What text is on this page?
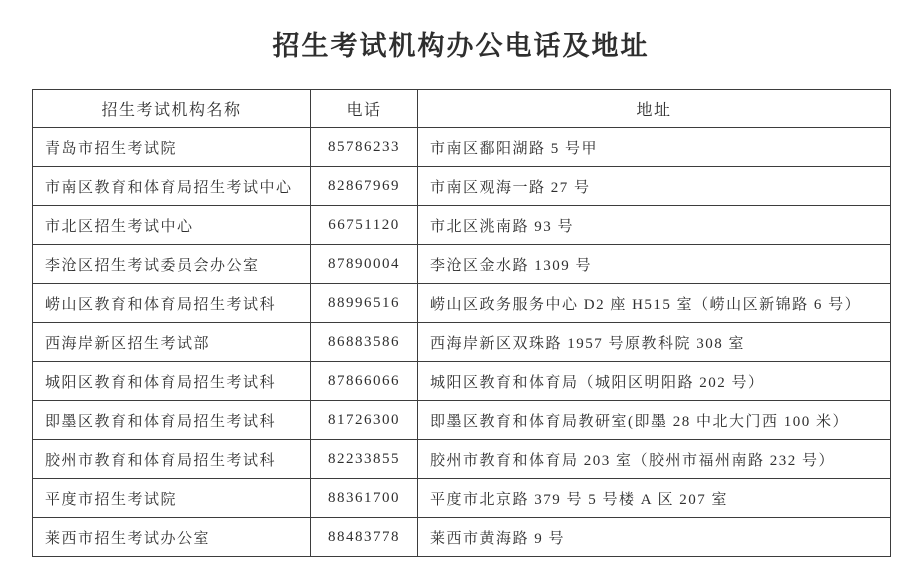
招生考试机构办公电话及地址
招生考试机构名称	电话	地址
青岛市招生考试院	85786233	市南区鄱阳湖路 5 号甲
市南区教育和体育局招生考试中心	82867969	市南区观海一路 27 号
市北区招生考试中心	66751120	市北区洮南路 93 号
李沧区招生考试委员会办公室	87890004	李沧区金水路 1309 号
崂山区教育和体育局招生考试科	88996516	崂山区政务服务中心 D2 座 H515 室（崂山区新锦路 6 号）
西海岸新区招生考试部	86883586	西海岸新区双珠路 1957 号原教科院 308 室
城阳区教育和体育局招生考试科	87866066	城阳区教育和体育局（城阳区明阳路 202 号）
即墨区教育和体育局招生考试科	81726300	即墨区教育和体育局教研室(即墨 28 中北大门西 100 米）
胶州市教育和体育局招生考试科	82233855	胶州市教育和体育局 203 室（胶州市福州南路 232 号）
平度市招生考试院	88361700	平度市北京路 379 号 5 号楼 A 区 207 室
莱西市招生考试办公室	88483778	莱西市黄海路 9 号
